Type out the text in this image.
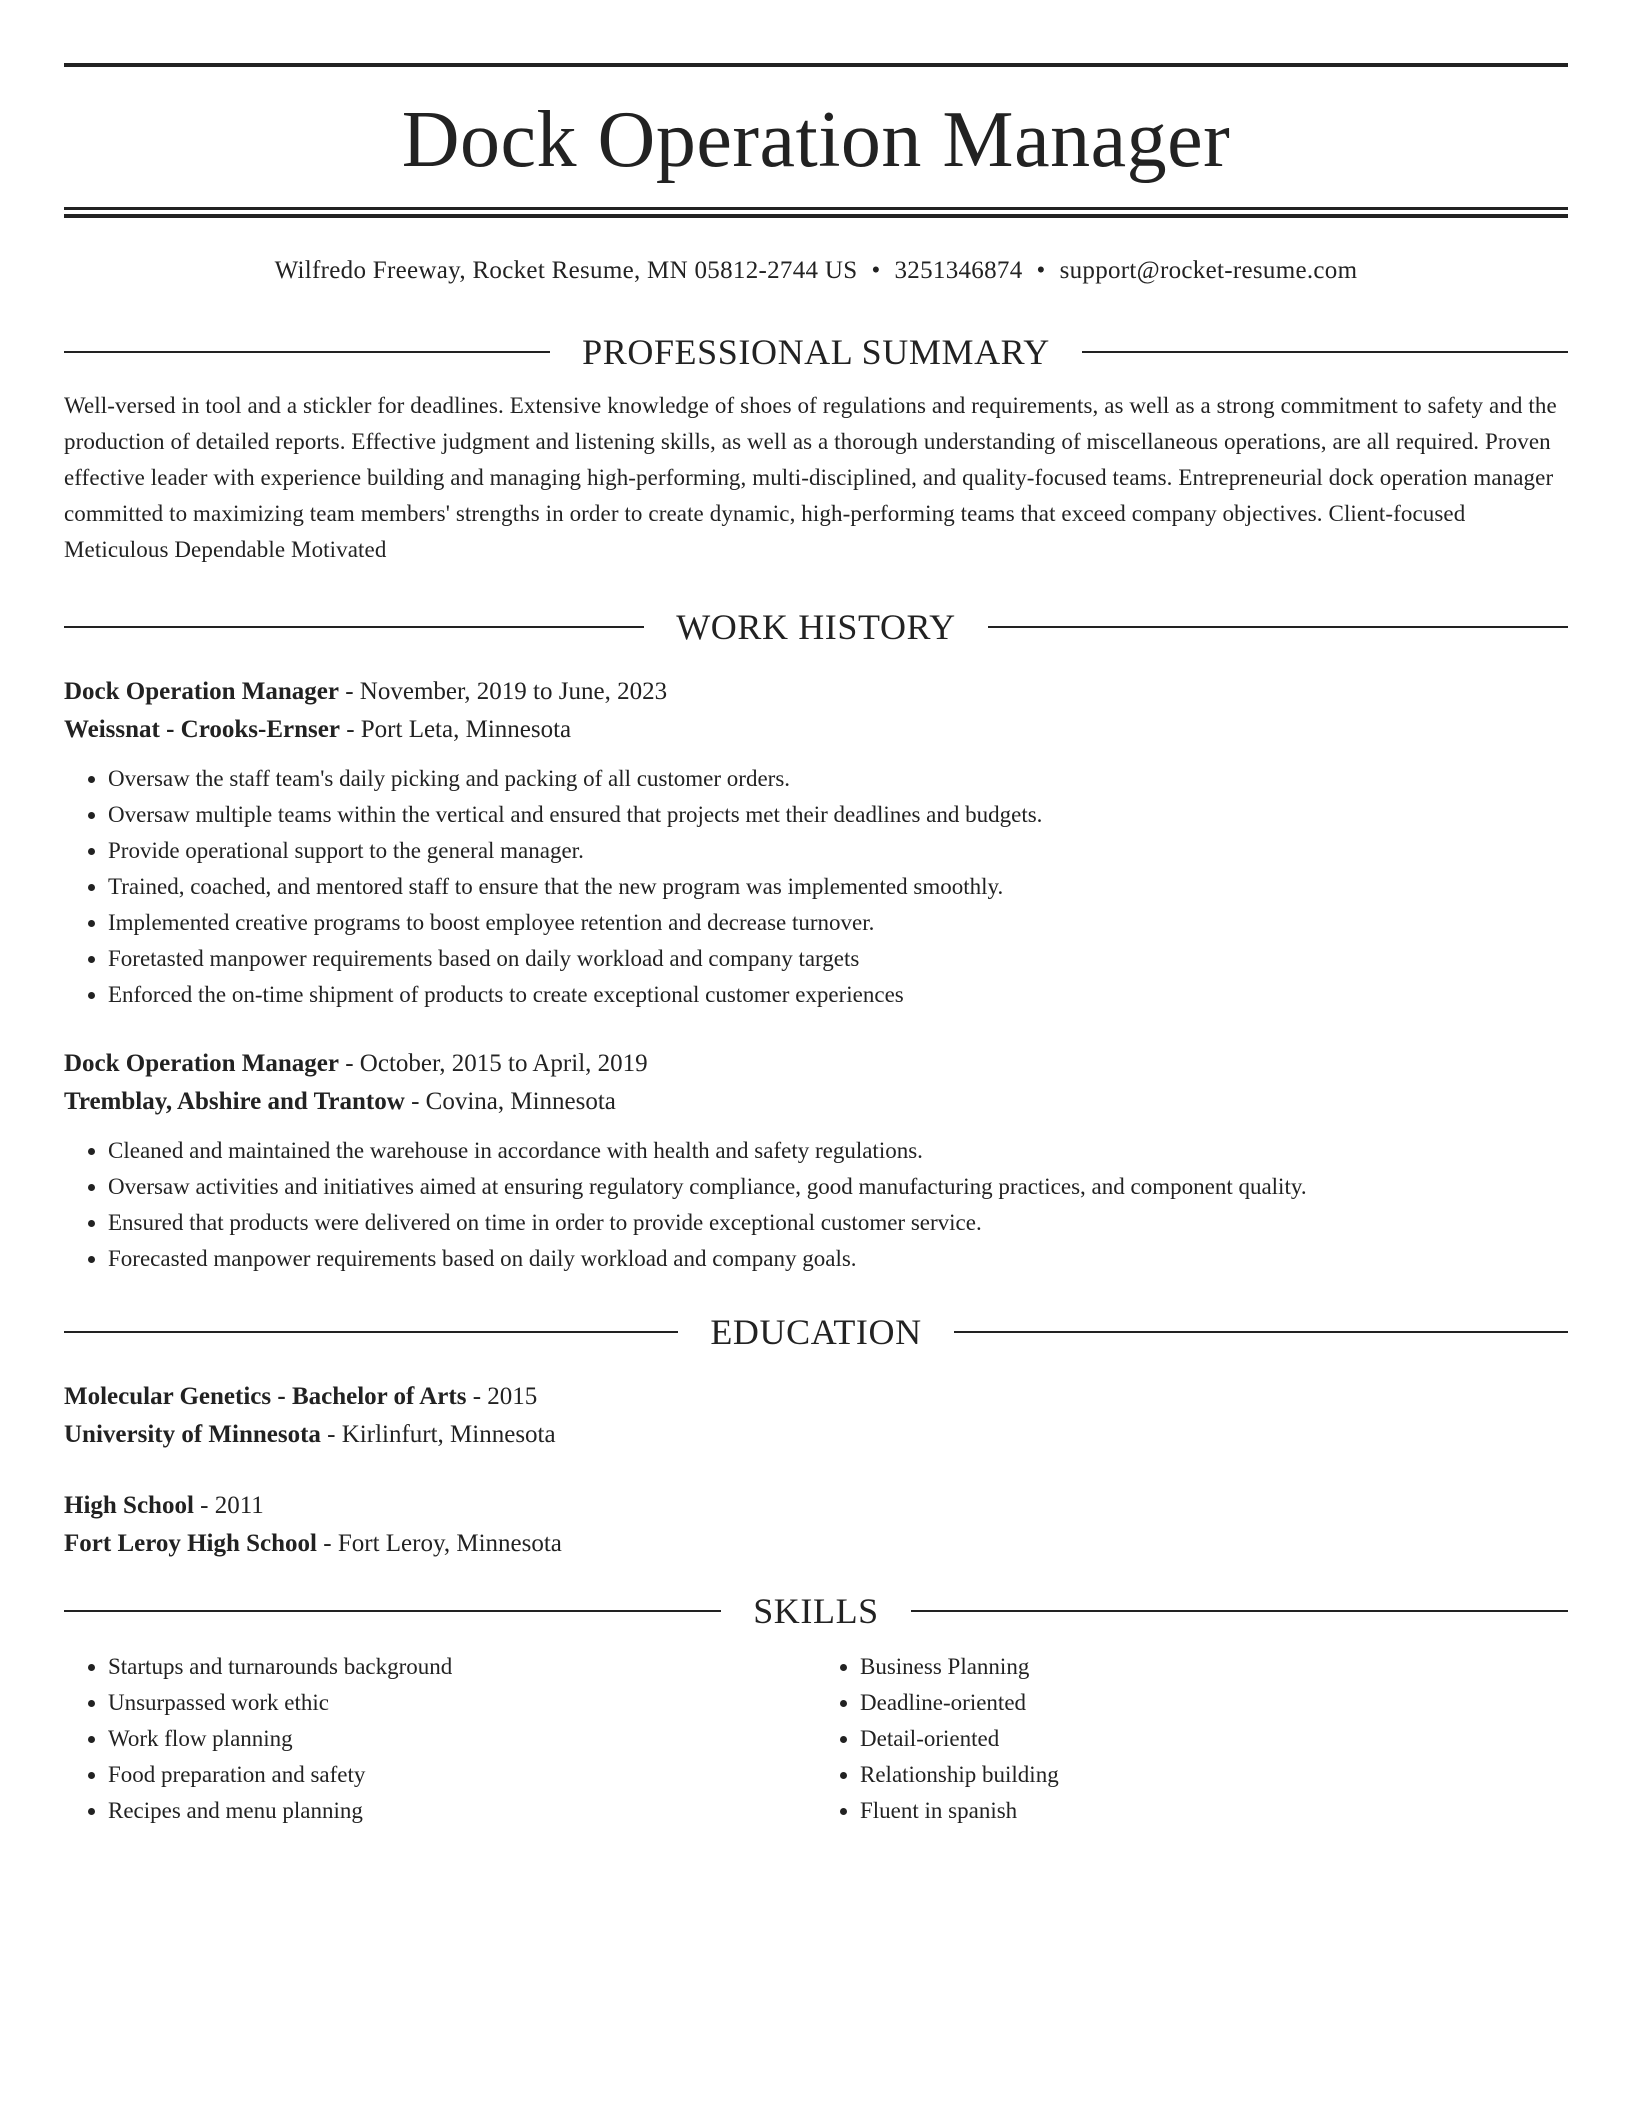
Dock Operation Manager
Wilfredo Freeway, Rocket Resume, MN 05812-2744 US • 3251346874 • support@rocket-resume.com
PROFESSIONAL SUMMARY

Well-versed in tool and a stickler for deadlines. Extensive knowledge of shoes of regulations and requirements, as well as a strong commitment to safety and the production of detailed reports. Effective judgment and listening skills, as well as a thorough understanding of miscellaneous operations, are all required. Proven effective leader with experience building and managing high-performing, multi-disciplined, and quality-focused teams. Entrepreneurial dock operation manager committed to maximizing team members' strengths in order to create dynamic, high-performing teams that exceed company objectives. Client-focused Meticulous Dependable Motivated

WORK HISTORY

Dock Operation Manager - November, 2019 to June, 2023

Weissnat - Crooks-Ernser - Port Leta, Minnesota

• Oversaw the staff team's daily picking and packing of all customer orders.
• Oversaw multiple teams within the vertical and ensured that projects met their deadlines and budgets.
• Provide operational support to the general manager.
• Trained, coached, and mentored staff to ensure that the new program was implemented smoothly.
• Implemented creative programs to boost employee retention and decrease turnover.
• Foretasted manpower requirements based on daily workload and company targets
• Enforced the on-time shipment of products to create exceptional customer experiences

Dock Operation Manager - October, 2015 to April, 2019

Tremblay, Abshire and Trantow - Covina, Minnesota

• Cleaned and maintained the warehouse in accordance with health and safety regulations.
• Oversaw activities and initiatives aimed at ensuring regulatory compliance, good manufacturing practices, and component quality.
• Ensured that products were delivered on time in order to provide exceptional customer service.
• Forecasted manpower requirements based on daily workload and company goals.
EDUCATION

Molecular Genetics - Bachelor of Arts - 2015

University of Minnesota - Kirlinfurt, Minnesota

High School - 2011

Fort Leroy High School - Fort Leroy, Minnesota

SKILLS
• Startups and turnarounds background
• Unsurpassed work ethic
• Work flow planning
• Food preparation and safety
• Recipes and menu planning
• Business Planning
• Deadline-oriented
• Detail-oriented
• Relationship building
• Fluent in spanish
